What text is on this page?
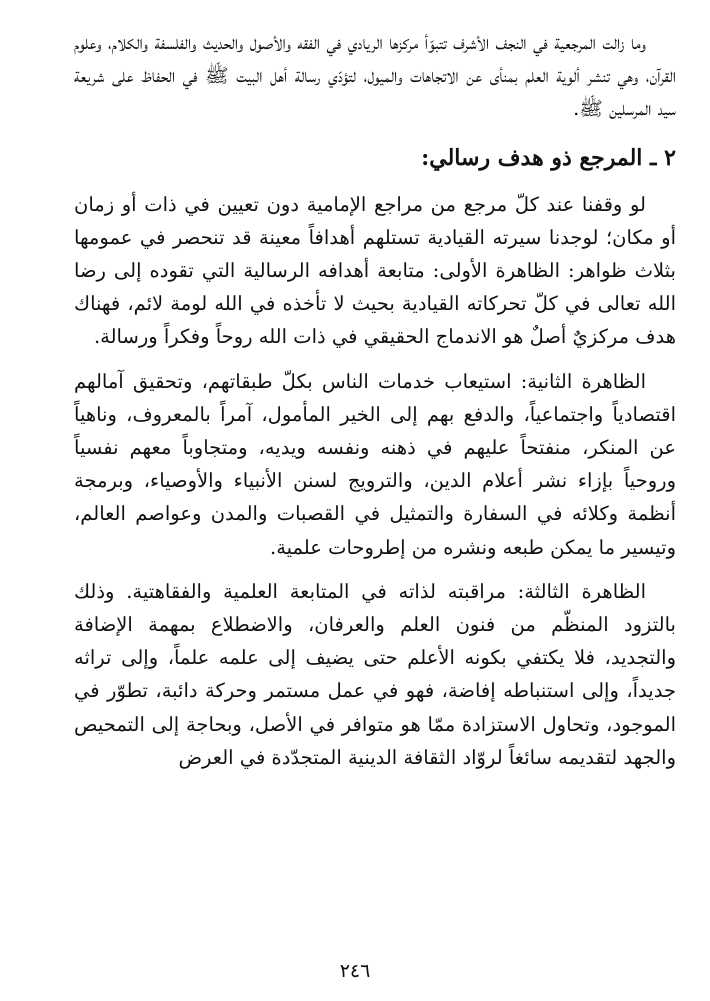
وما زالت المرجعية في النجف الأشرف تتبوّأ مركزها الريادي في الفقه والأصول والحديث والفلسفة والكلام، وعلوم القرآن، وهي تنشر ألوية العلم بمنأى عن الاتجاهات والميول، لتؤدّي رسالة أهل البيت ﷺ في الحفاظ على شريعة سيد المرسلين ﷺ.

٢ ـ المرجع ذو هدف رسالي:

لو وقفنا عند كلّ مرجع من مراجع الإمامية دون تعيين في ذات أو زمان أو مكان؛ لوجدنا سيرته القيادية تستلهم أهدافاً معينة قد تنحصر في عمومها بثلاث ظواهر: الظاهرة الأولى: متابعة أهدافه الرسالية التي تقوده إلى رضا الله تعالى في كلّ تحركاته القيادية بحيث لا تأخذه في الله لومة لائم، فهناك هدف مركزيٌ أصلٌ هو الاندماج الحقيقي في ذات الله روحاً وفكراً ورسالة.

الظاهرة الثانية: استيعاب خدمات الناس بكلّ طبقاتهم، وتحقيق آمالهم اقتصادياً واجتماعياً، والدفع بهم إلى الخير المأمول، آمراً بالمعروف، وناهياً عن المنكر، منفتحاً عليهم في ذهنه ونفسه ويديه، ومتجاوباً معهم نفسياً وروحياً بإزاء نشر أعلام الدين، والترويج لسنن الأنبياء والأوصياء، وبرمجة أنظمة وكلائه في السفارة والتمثيل في القصبات والمدن وعواصم العالم، وتيسير ما يمكن طبعه ونشره من إطروحات علمية.

الظاهرة الثالثة: مراقبته لذاته في المتابعة العلمية والفقاهتية. وذلك بالتزود المنظّم من فنون العلم والعرفان، والاضطلاع بمهمة الإضافة والتجديد، فلا يكتفي بكونه الأعلم حتى يضيف إلى علمه علماً، وإلى تراثه جديداً، وإلى استنباطه إفاضة، فهو في عمل مستمر وحركة دائبة، تطوّر في الموجود، وتحاول الاستزادة ممّا هو متوافر في الأصل، وبحاجة إلى التمحيص والجهد لتقديمه سائغاً لروّاد الثقافة الدينية المتجدّدة في العرض

٢٤٦
